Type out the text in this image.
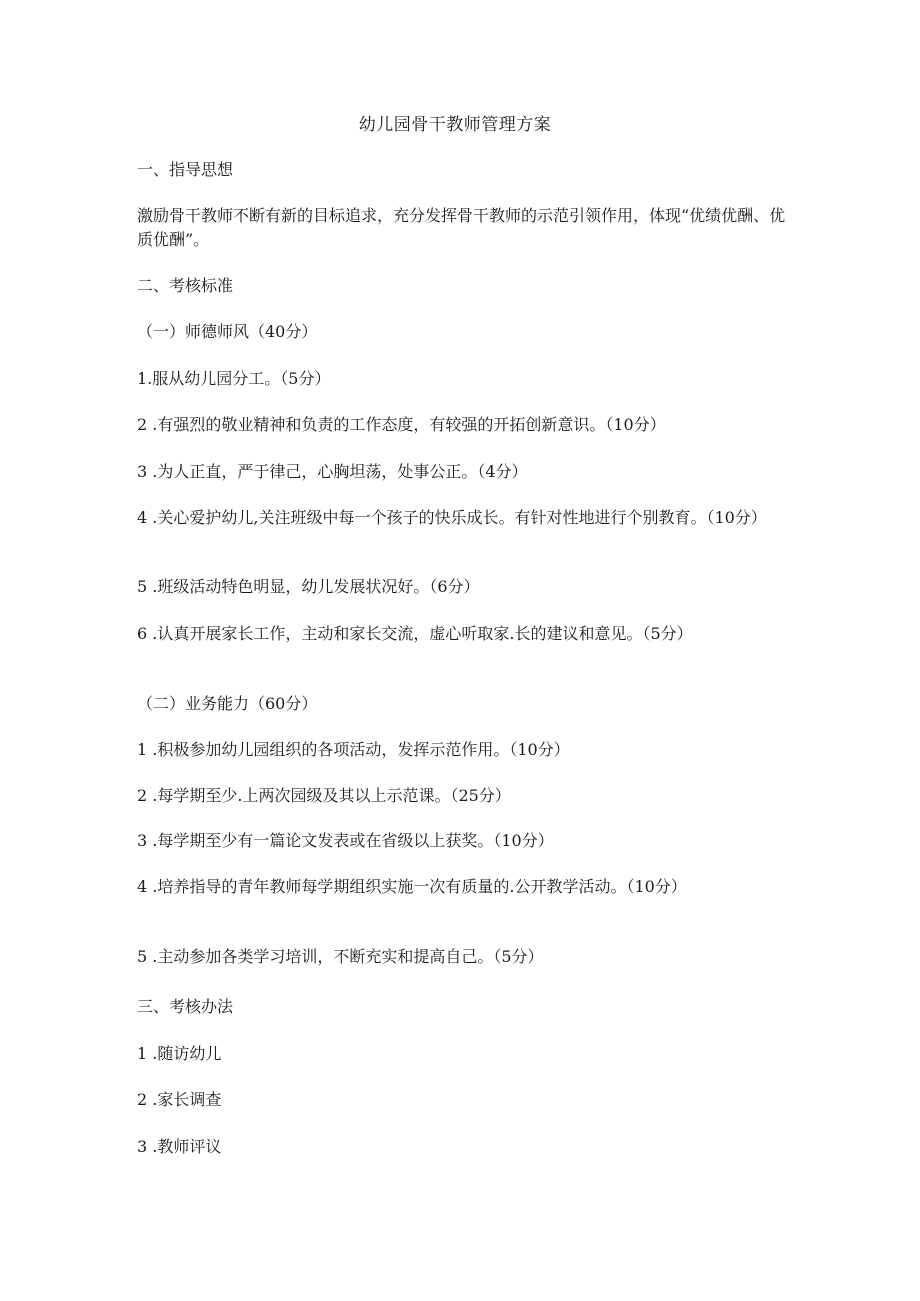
幼儿园骨干教师管理方案

一、指导思想

激励骨干教师不断有新的目标追求，充分发挥骨干教师的示范引领作用，体现“优绩优酬、优质优酬”。

二、考核标准

（一）师德师风（40分）

1.服从幼儿园分工。（5分）

2 .有强烈的敬业精神和负责的工作态度，有较强的开拓创新意识。（10分）

3 .为人正直，严于律己，心胸坦荡，处事公正。（4分）

4 .关心爱护幼儿,关注班级中每一个孩子的快乐成长。有针对性地进行个别教育。（10分）

5 .班级活动特色明显，幼儿发展状况好。（6分）

6 .认真开展家长工作，主动和家长交流，虚心听取家.长的建议和意见。（5分）

（二）业务能力（60分）

1 .积极参加幼儿园组织的各项活动，发挥示范作用。（10分）

2 .每学期至少.上两次园级及其以上示范课。（25分）

3 .每学期至少有一篇论文发表或在省级以上获奖。（10分）

4 .培养指导的青年教师每学期组织实施一次有质量的.公开教学活动。（10分）

5 .主动参加各类学习培训，不断充实和提高自己。（5分）

三、考核办法

1 .随访幼儿

2 .家长调查

3 .教师评议
